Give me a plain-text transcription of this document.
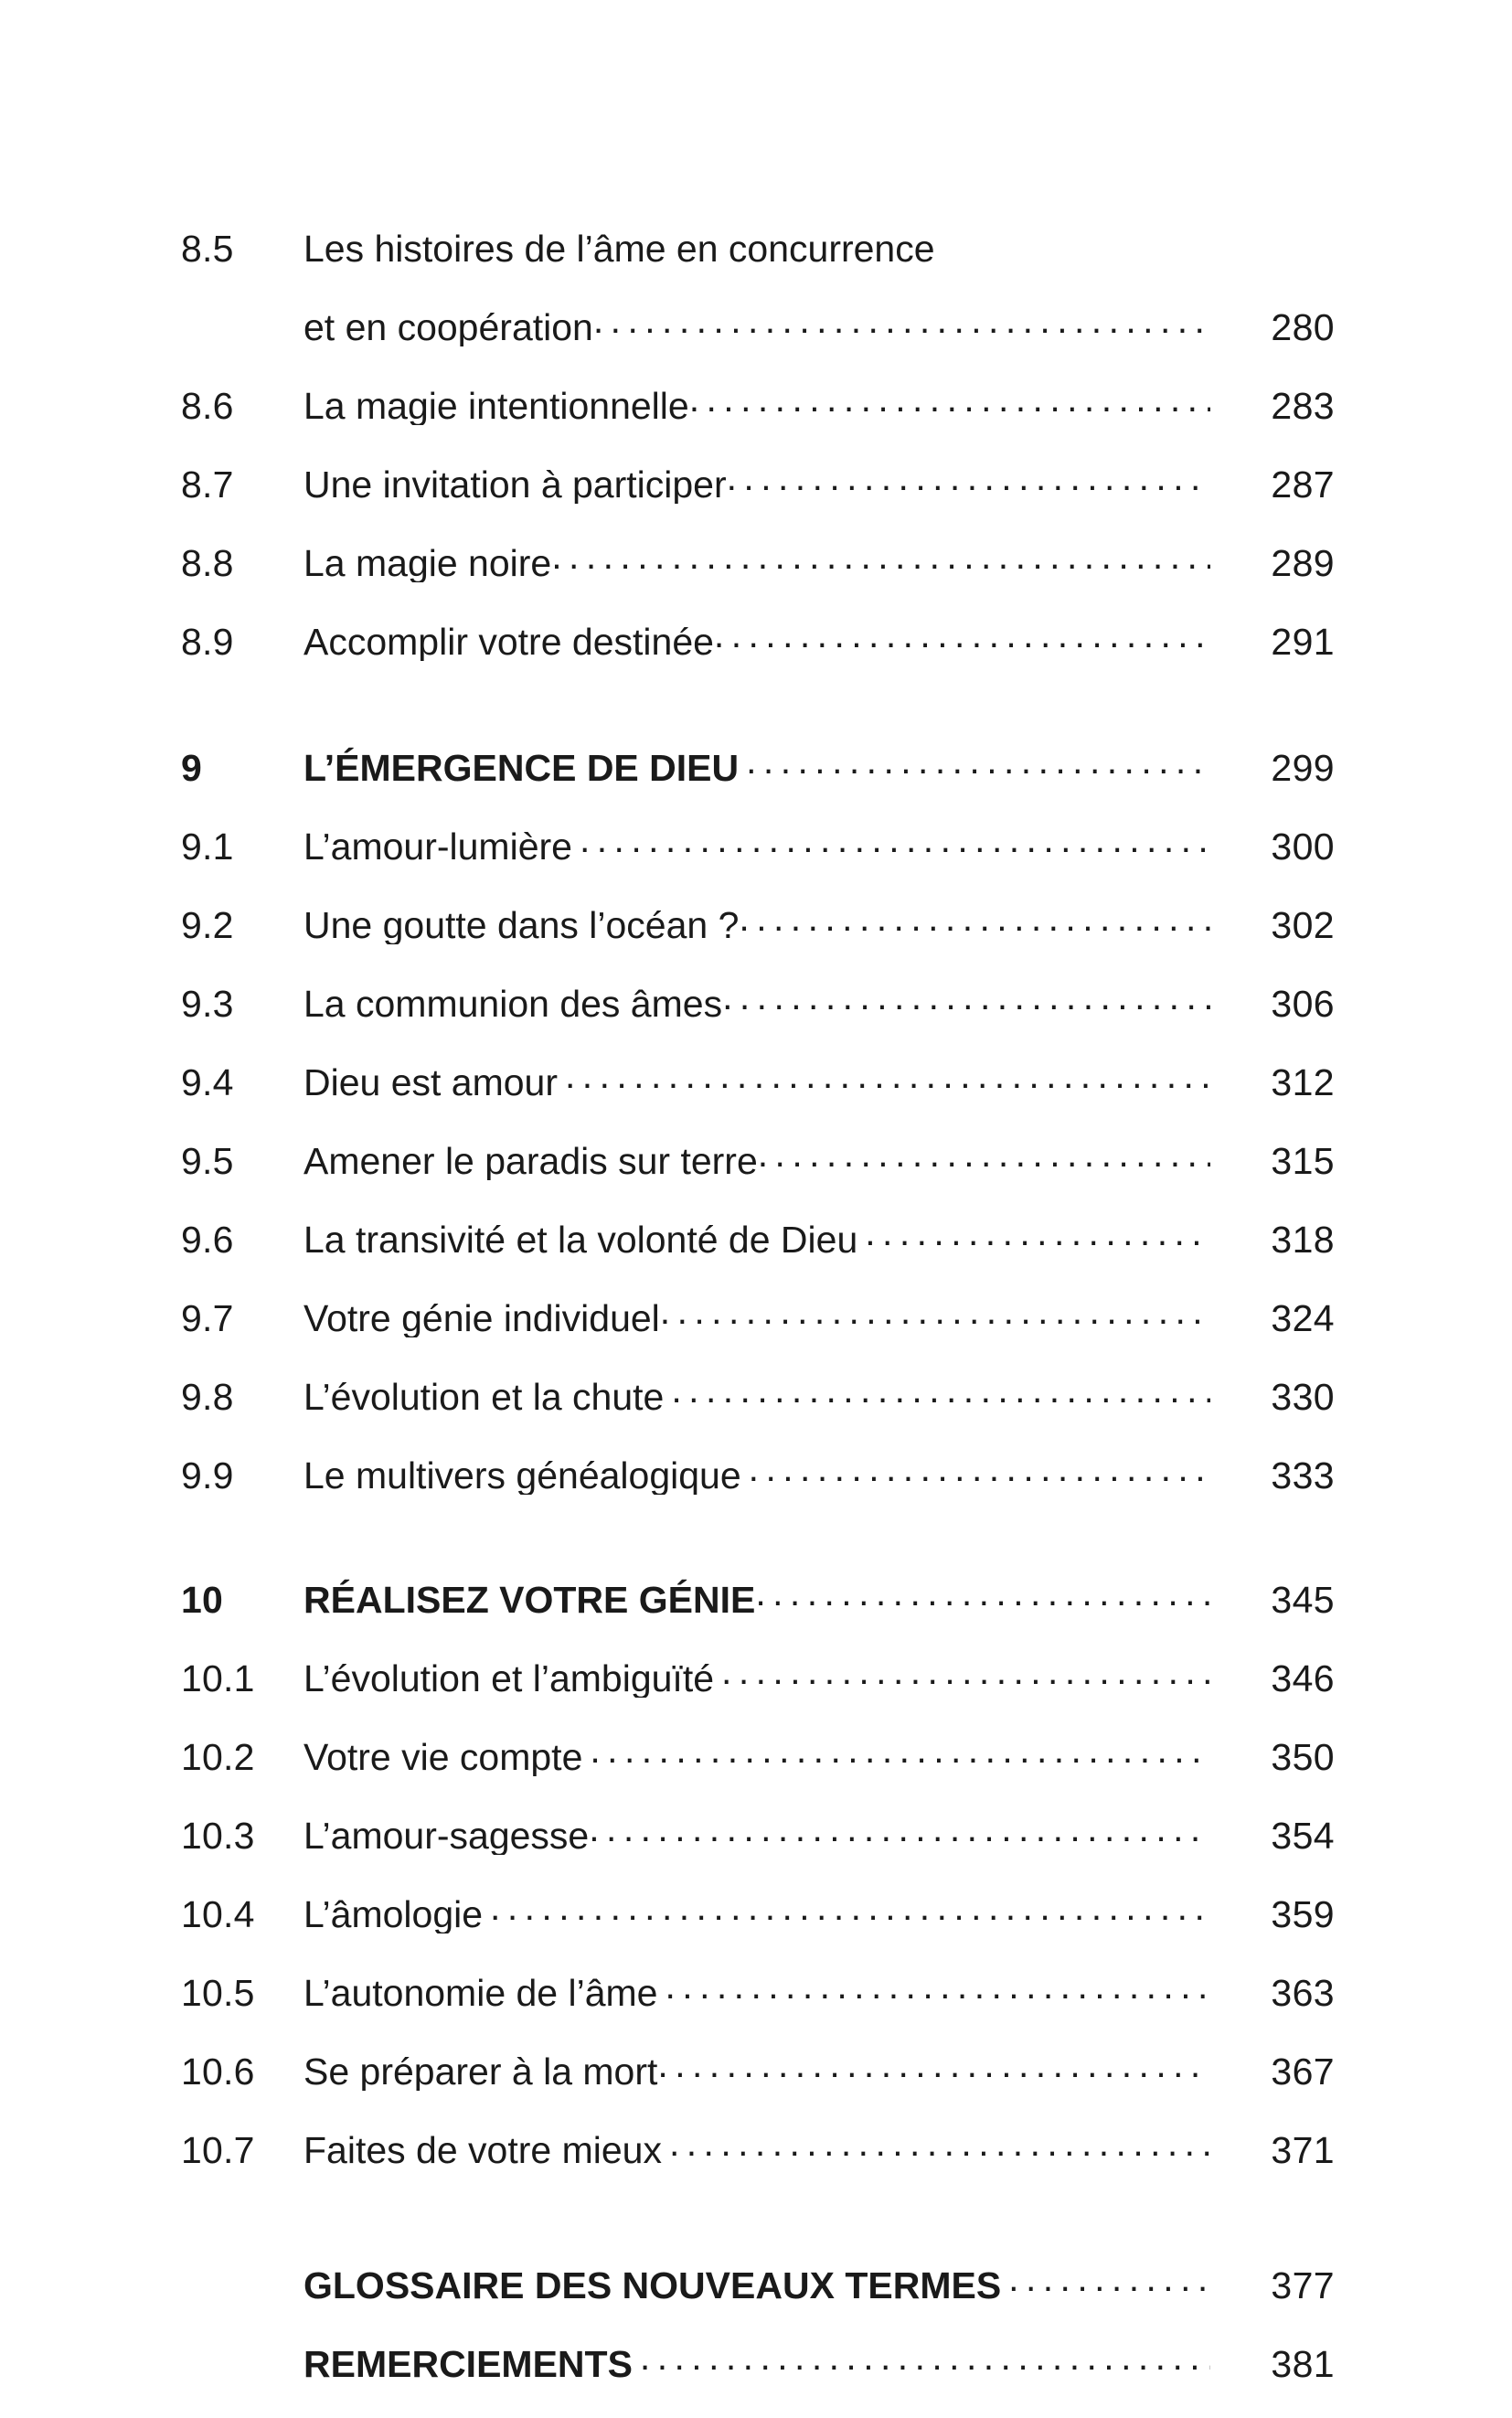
8.5	Les histoires de l’âme en concurrence
et en coopération .....	280
8.6	La magie intentionnelle .....	283
8.7	Une invitation à participer .....	287
8.8	La magie noire .....	289
8.9	Accomplir votre destinée .....	291
9	L’ÉMERGENCE DE DIEU .....	299
9.1	L’amour-lumière .....	300
9.2	Une goutte dans l’océan ? .....	302
9.3	La communion des âmes .....	306
9.4	Dieu est amour .....	312
9.5	Amener le paradis sur terre .....	315
9.6	La transivité et la volonté de Dieu .....	318
9.7	Votre génie individuel .....	324
9.8	L’évolution et la chute .....	330
9.9	Le multivers généalogique .....	333
10	RÉALISEZ VOTRE GÉNIE .....	345
10.1	L’évolution et l’ambiguïté .....	346
10.2	Votre vie compte .....	350
10.3	L’amour-sagesse .....	354
10.4	L’âmologie .....	359
10.5	L’autonomie de l’âme .....	363
10.6	Se préparer à la mort .....	367
10.7	Faites de votre mieux .....	371
GLOSSAIRE DES NOUVEAUX TERMES .....	377
REMERCIEMENTS .....	381
